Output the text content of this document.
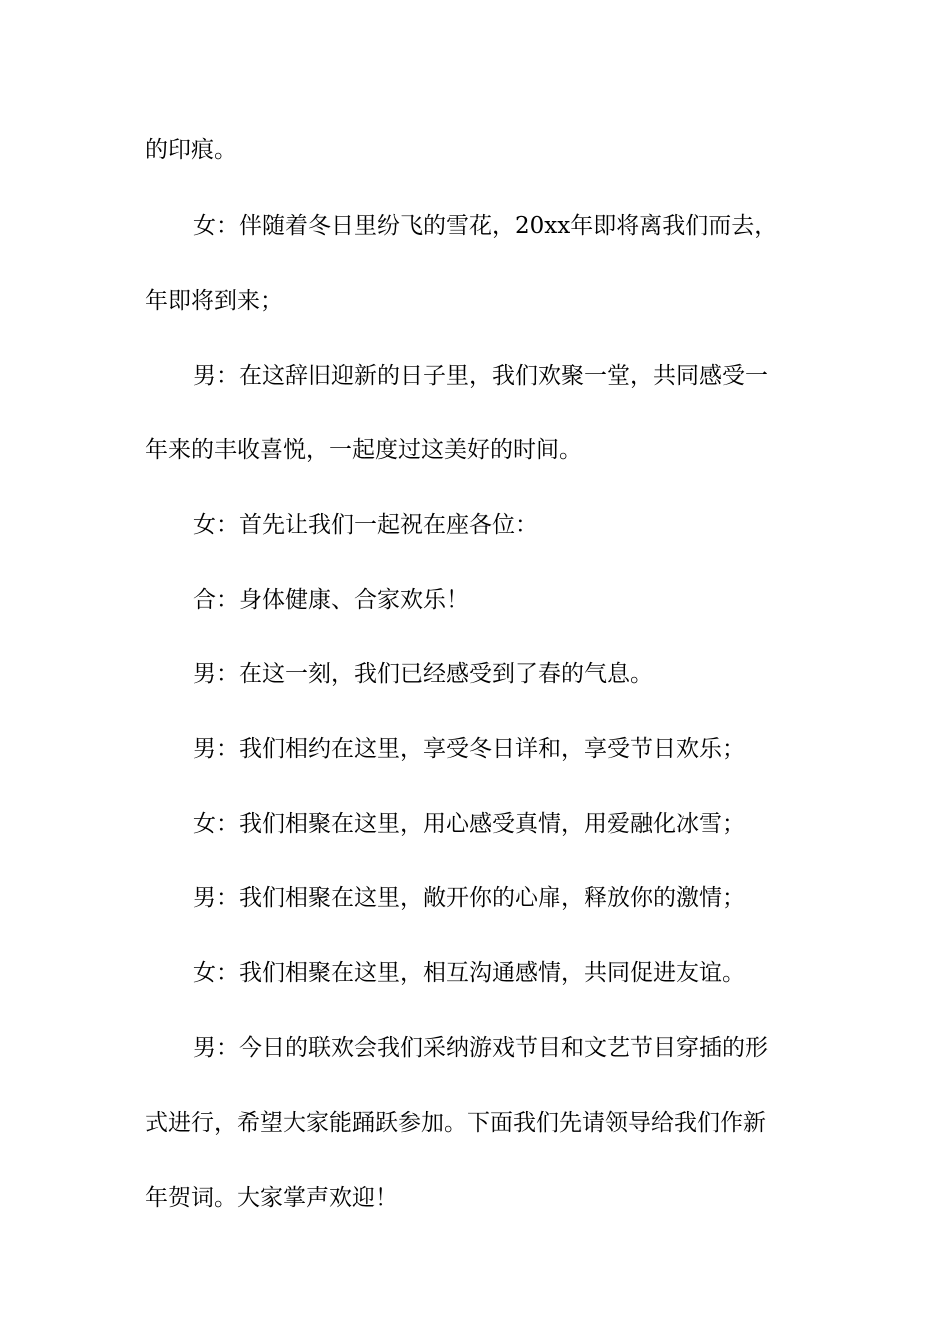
的印痕。

女：伴随着冬日里纷飞的雪花，20xx年即将离我们而去，

年即将到来；

男：在这辞旧迎新的日子里，我们欢聚一堂，共同感受一

年来的丰收喜悦，一起度过这美好的时间。

女：首先让我们一起祝在座各位：

合：身体健康、合家欢乐！

男：在这一刻，我们已经感受到了春的气息。

男：我们相约在这里，享受冬日详和，享受节日欢乐；

女：我们相聚在这里，用心感受真情，用爱融化冰雪；

男：我们相聚在这里，敞开你的心扉，释放你的激情；

女：我们相聚在这里，相互沟通感情，共同促进友谊。

男：今日的联欢会我们采纳游戏节目和文艺节目穿插的形

式进行，希望大家能踊跃参加。下面我们先请领导给我们作新

年贺词。大家掌声欢迎！
